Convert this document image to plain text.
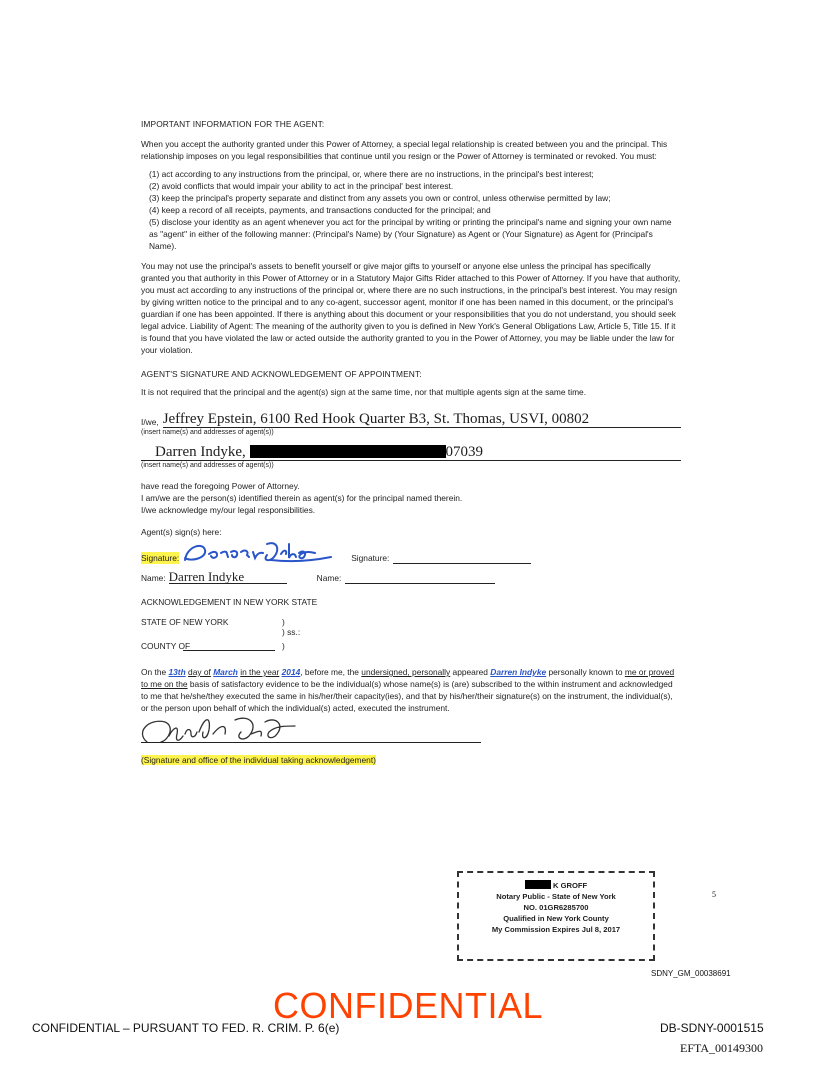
IMPORTANT INFORMATION FOR THE AGENT:

When you accept the authority granted under this Power of Attorney, a special legal relationship is created between you and the principal. This relationship imposes on you legal responsibilities that continue until you resign or the Power of Attorney is terminated or revoked. You must:

(1) act according to any instructions from the principal, or, where there are no instructions, in the principal's best interest;

(2) avoid conflicts that would impair your ability to act in the principal' best interest.

(3) keep the principal's property separate and distinct from any assets you own or control, unless otherwise permitted by law;

(4) keep a record of all receipts, payments, and transactions conducted for the principal; and

(5) disclose your identity as an agent whenever you act for the principal by writing or printing the principal's name and signing your own name as "agent" in either of the following manner: (Principal's Name) by (Your Signature) as Agent or (Your Signature) as Agent for (Principal's Name).

You may not use the principal's assets to benefit yourself or give major gifts to yourself or anyone else unless the principal has specifically granted you that authority in this Power of Attorney or in a Statutory Major Gifts Rider attached to this Power of Attorney. If you have that authority, you must act according to any instructions of the principal or, where there are no such instructions, in the principal's best interest. You may resign by giving written notice to the principal and to any co-agent, successor agent, monitor if one has been named in this document, or the principal's guardian if one has been appointed. If there is anything about this document or your responsibilities that you do not understand, you should seek legal advice. Liability of Agent: The meaning of the authority given to you is defined in New York's General Obligations Law, Article 5, Title 15. If it is found that you have violated the law or acted outside the authority granted to you in the Power of Attorney, you may be liable under the law for your violation.

AGENT'S SIGNATURE AND ACKNOWLEDGEMENT OF APPOINTMENT:

It is not required that the principal and the agent(s) sign at the same time, nor that multiple agents sign at the same time.

I/we, Jeffrey Epstein, 6100 Red Hook Quarter B3, St. Thomas, USVI, 00802

(insert name(s) and addresses of agent(s))

Darren Indyke,	07039

(insert name(s) and addresses of agent(s))

have read the foregoing Power of Attorney.

I am/we are the person(s) identified therein as agent(s) for the principal named therein.

I/we acknowledge my/our legal responsibilities.

Agent(s) sign(s) here:

Signature:	Signature:
Name: Darren Indyke	Name:

ACKNOWLEDGEMENT IN NEW YORK STATE

STATE OF NEW YORK	)
) ss.:
COUNTY OF	)

On the 13th day of March in the year 2014, before me, the undersigned, personally appeared Darren Indyke personally known to me or proved to me on the basis of satisfactory evidence to be the individual(s) whose name(s) is (are) subscribed to the within instrument and acknowledged to me that he/she/they executed the same in his/her/their capacity(ies), and that by his/her/their signature(s) on the instrument, the individual(s), or the person upon behalf of which the individual(s) acted, executed the instrument.

(Signature and office of the individual taking acknowledgement)

K GROFF
Notary Public - State of New York
NO. 01GR6285700
Qualified in New York County
My Commission Expires Jul 8, 2017
5
SDNY_GM_00038691
CONFIDENTIAL
CONFIDENTIAL – PURSUANT TO FED. R. CRIM. P. 6(e)	DB-SDNY-0001515
EFTA_00149300
